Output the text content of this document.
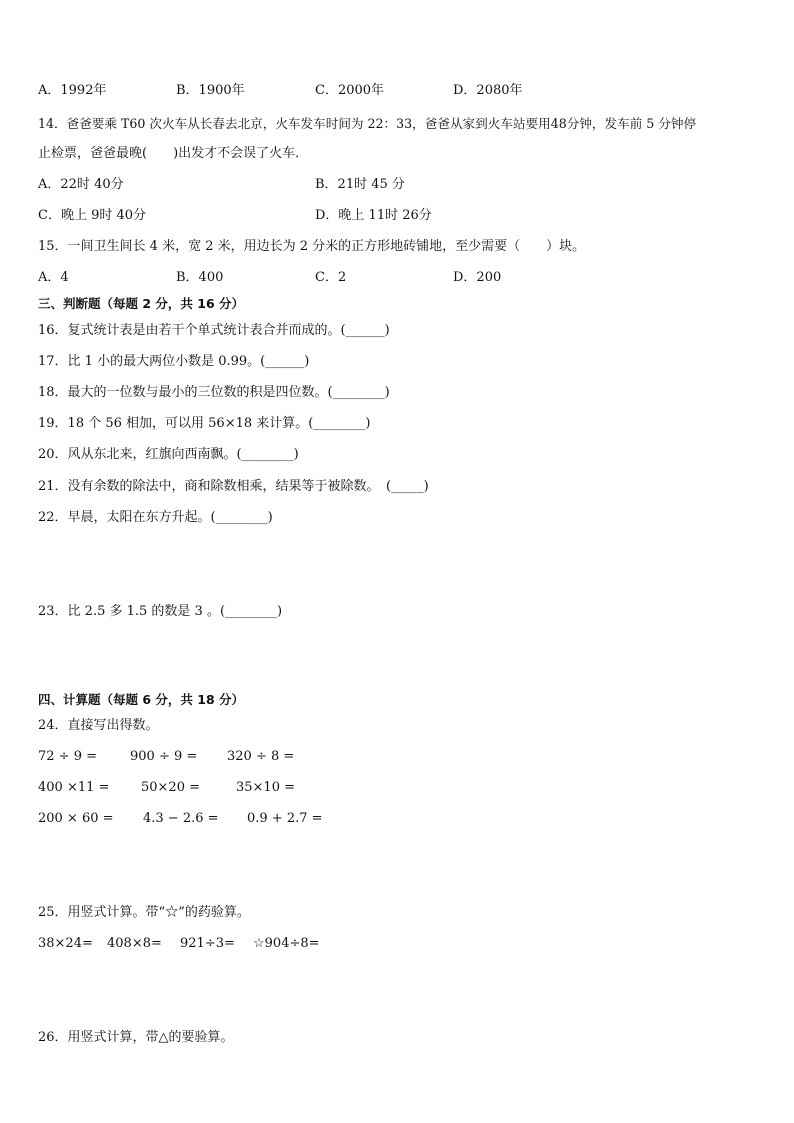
A．1992年	B．1900年	C．2000年	D．2080年
14．爸爸要乘 T60 次火车从长春去北京，火车发车时间为 22：33，爸爸从家到火车站要用48分钟，发车前 5 分钟停
止检票，爸爸最晚(　　)出发才不会误了火车．
A．22时 40分	B．21时 45 分
C．晚上 9时 40分	D．晚上 11时 26分
15．一间卫生间长 4 米，宽 2 米，用边长为 2 分米的正方形地砖铺地，至少需要（　　）块。
A．4	B．400	C．2	D．200
三、判断题（每题 2 分，共 16 分）
16．复式统计表是由若干个单式统计表合并而成的。(______)
17．比 1 小的最大两位小数是 0.99。(______)
18．最大的一位数与最小的三位数的积是四位数。(________)
19．18 个 56 相加，可以用 56×18 来计算。(________)
20．风从东北来，红旗向西南飘。(________)
21．没有余数的除法中，商和除数相乘，结果等于被除数。　(_____)
22．早晨，太阳在东方升起。(________)
23．比 2.5 多 1.5 的数是 3 。(________)
四、计算题（每题 6 分，共 18 分）
24．直接写出得数。
72 ÷ 9 =	900 ÷ 9 = 320 ÷ 8 =
400 ×11 = 50×20 =	35×10 =
200 × 60 = 4.3 − 2.6 = 0.9 + 2.7 =
25．用竖式计算。带“☆”的药验算。
38×24= 408×8= 921÷3= ☆904÷8=
26．用竖式计算，带△的要验算。
